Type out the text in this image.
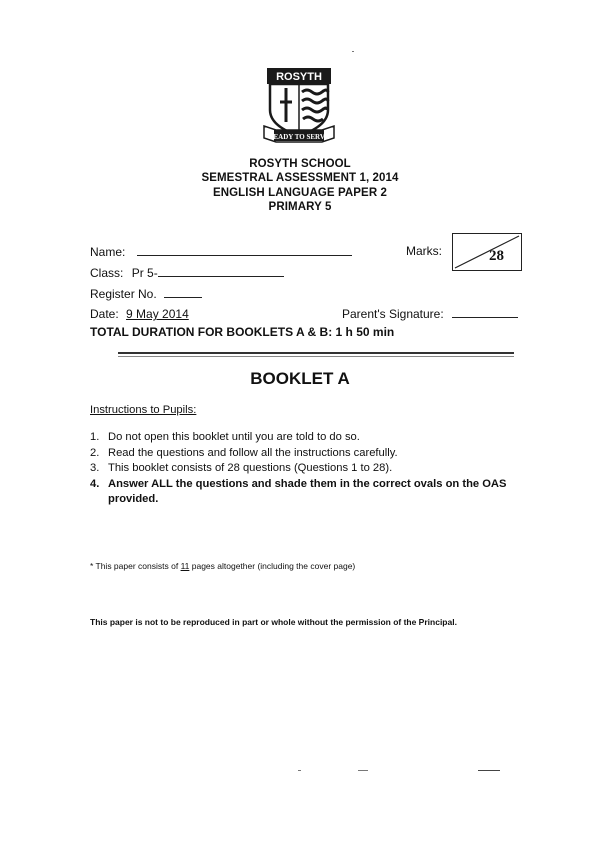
ROSYTH
READY TO SERVE
ROSYTH SCHOOL
SEMESTRAL ASSESSMENT 1, 2014
ENGLISH LANGUAGE PAPER 2
PRIMARY 5
Name:	Marks:	28
Class: Pr 5-
Register No.
Date: 9 May 2014	Parent's Signature:
TOTAL DURATION FOR BOOKLETS A & B: 1 h 50 min
BOOKLET A
Instructions to Pupils:
1. Do not open this booklet until you are told to do so.
2. Read the questions and follow all the instructions carefully.
3. This booklet consists of 28 questions (Questions 1 to 28).
4. Answer ALL the questions and shade them in the correct ovals on the OAS provided.
* This paper consists of 11 pages altogether (including the cover page)
This paper is not to be reproduced in part or whole without the permission of the Principal.
